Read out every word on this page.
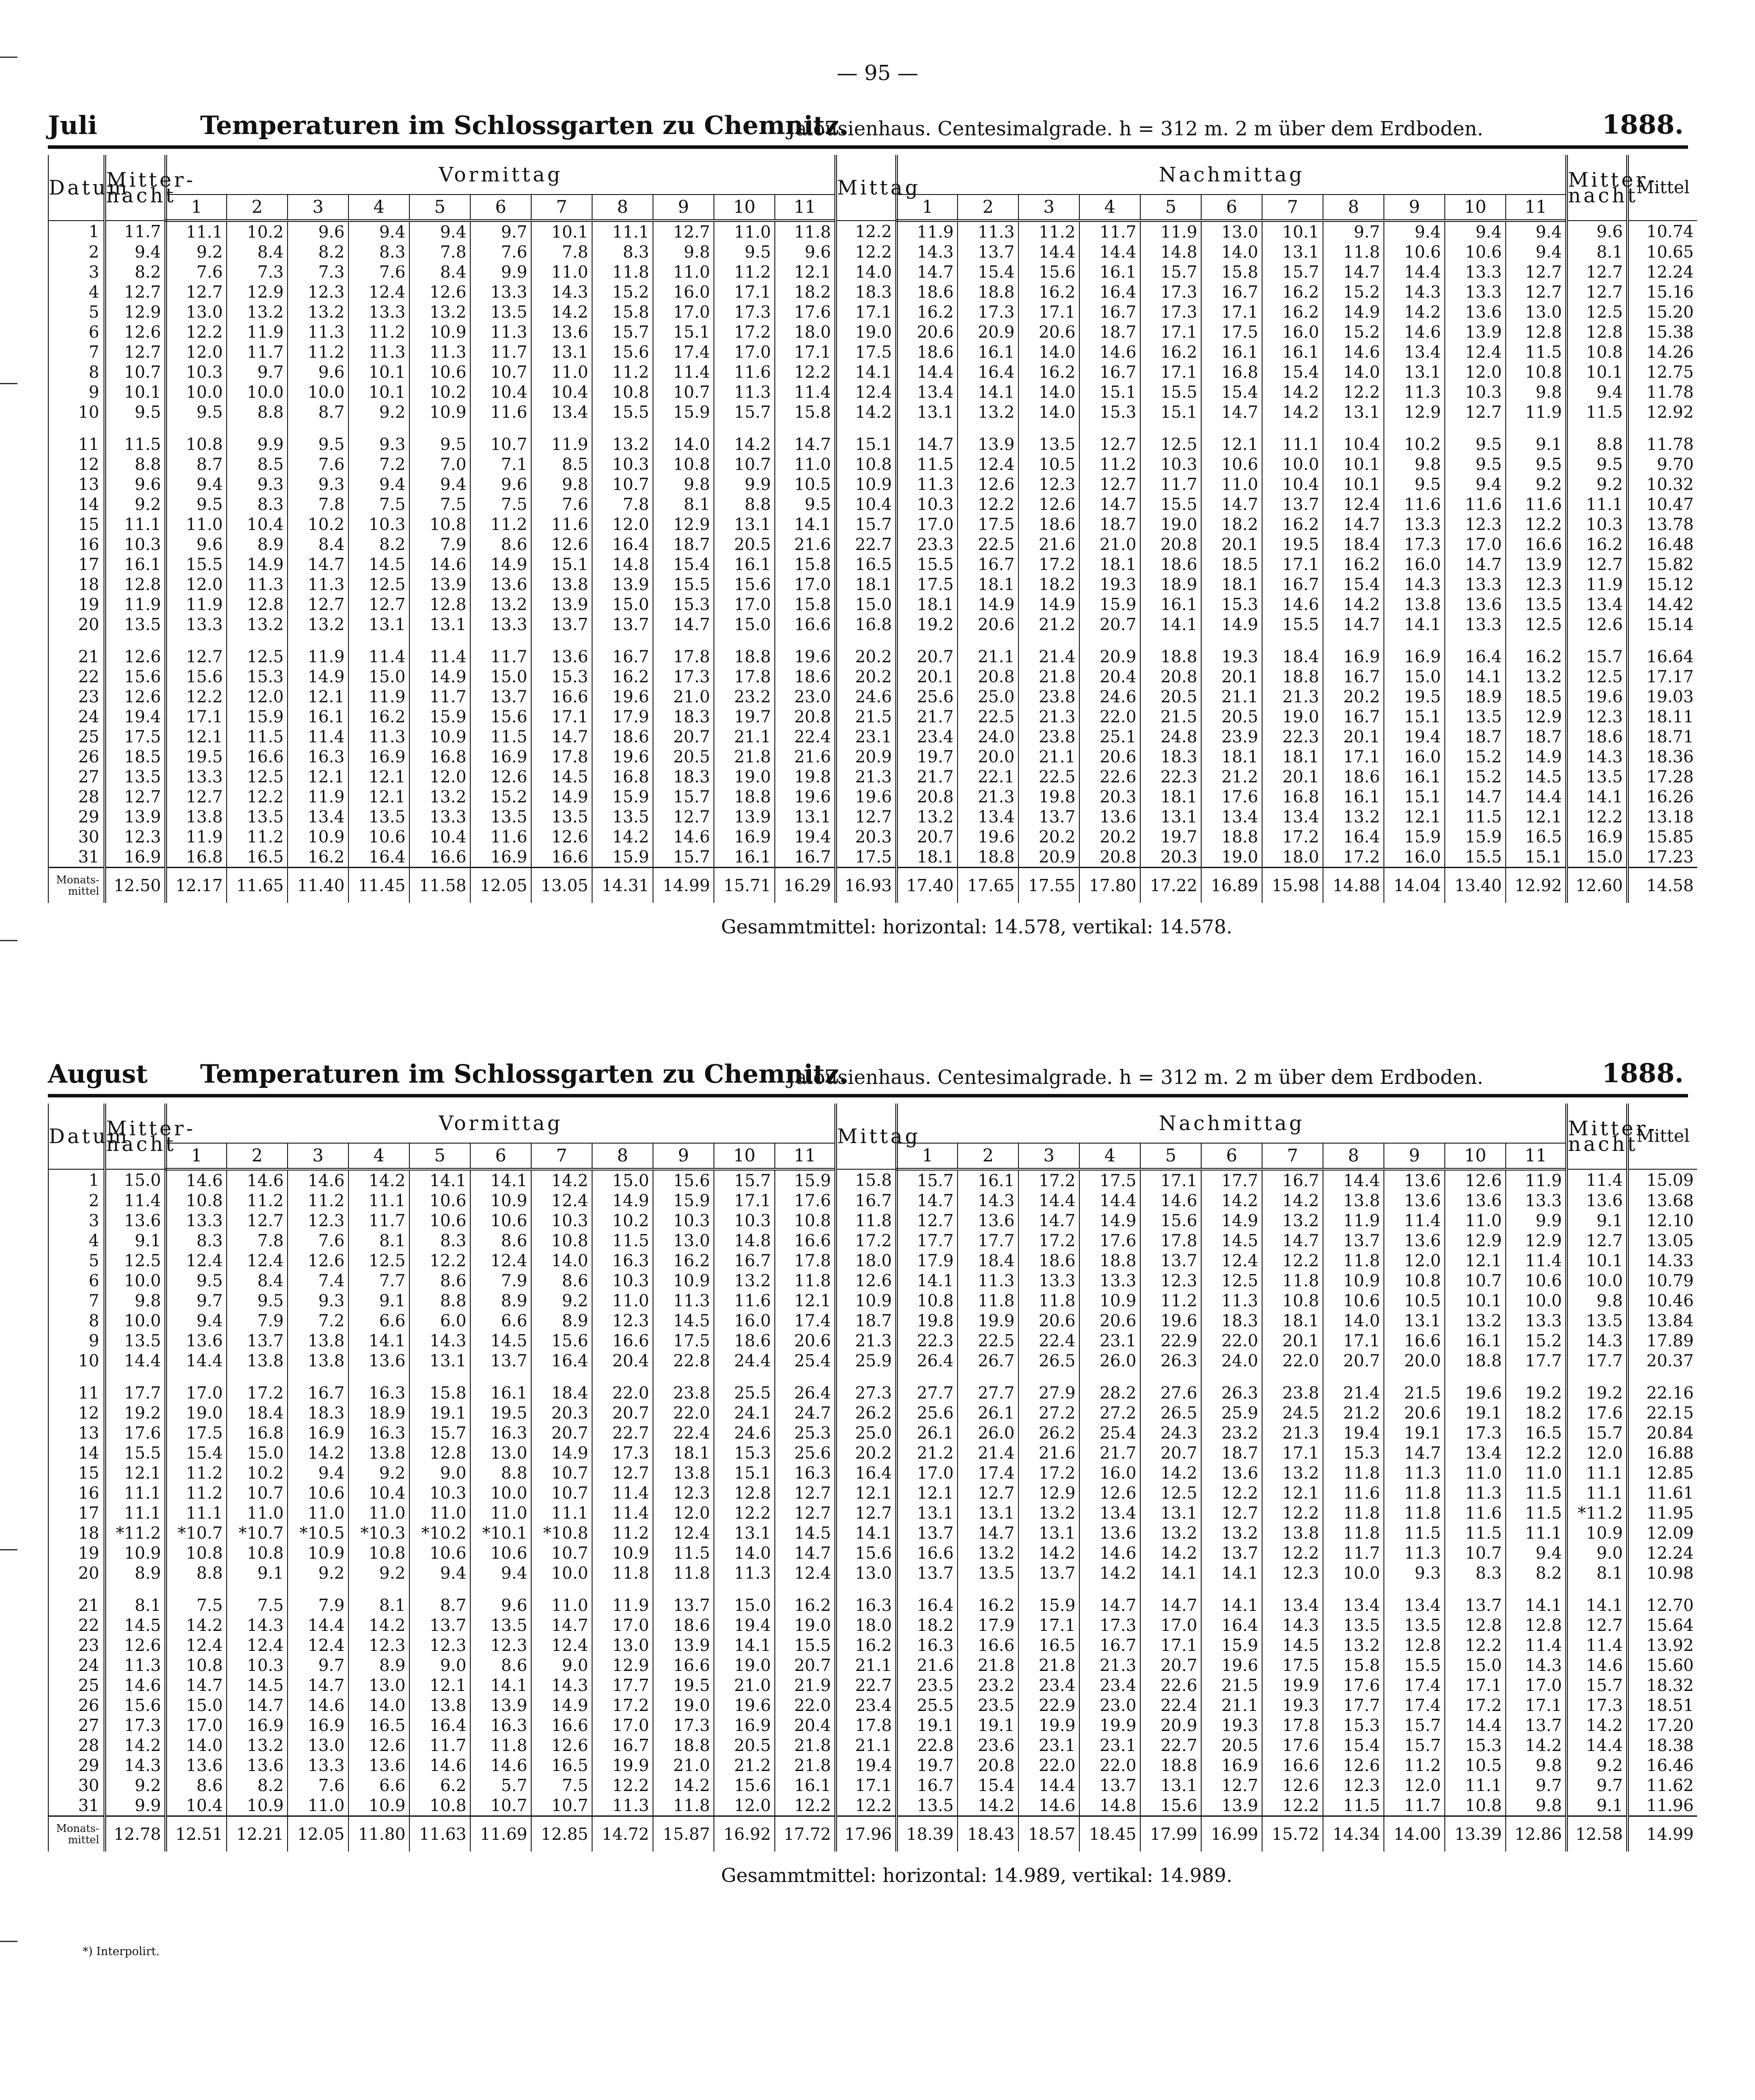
— 95 —
Juli	Temperaturen im Schlossgarten zu Chemnitz.
Jalousienhaus. Centesimalgrade. h = 312 m. 2 m über dem Erdboden.	1888.
Datum	Mitter-nacht	Vormittag											Mittag	Nachmittag											Mitter-nacht	Mittel
		1	2	3	4	5	6	7	8	9	10	11		1	2	3	4	5	6	7	8	9	10	11		
1	11.7	11.1	10.2	9.6	9.4	9.4	9.7	10.1	11.1	12.7	11.0	11.8	12.2	11.9	11.3	11.2	11.7	11.9	13.0	10.1	9.7	9.4	9.4	9.4	9.6	10.74
2	9.4	9.2	8.4	8.2	8.3	7.8	7.6	7.8	8.3	9.8	9.5	9.6	12.2	14.3	13.7	14.4	14.4	14.8	14.0	13.1	11.8	10.6	10.6	9.4	8.1	10.65
3	8.2	7.6	7.3	7.3	7.6	8.4	9.9	11.0	11.8	11.0	11.2	12.1	14.0	14.7	15.4	15.6	16.1	15.7	15.8	15.7	14.7	14.4	13.3	12.7	12.7	12.24
4	12.7	12.7	12.9	12.3	12.4	12.6	13.3	14.3	15.2	16.0	17.1	18.2	18.3	18.6	18.8	16.2	16.4	17.3	16.7	16.2	15.2	14.3	13.3	12.7	12.7	15.16
5	12.9	13.0	13.2	13.2	13.3	13.2	13.5	14.2	15.8	17.0	17.3	17.6	17.1	16.2	17.3	17.1	16.7	17.3	17.1	16.2	14.9	14.2	13.6	13.0	12.5	15.20
6	12.6	12.2	11.9	11.3	11.2	10.9	11.3	13.6	15.7	15.1	17.2	18.0	19.0	20.6	20.9	20.6	18.7	17.1	17.5	16.0	15.2	14.6	13.9	12.8	12.8	15.38
7	12.7	12.0	11.7	11.2	11.3	11.3	11.7	13.1	15.6	17.4	17.0	17.1	17.5	18.6	16.1	14.0	14.6	16.2	16.1	16.1	14.6	13.4	12.4	11.5	10.8	14.26
8	10.7	10.3	9.7	9.6	10.1	10.6	10.7	11.0	11.2	11.4	11.6	12.2	14.1	14.4	16.4	16.2	16.7	17.1	16.8	15.4	14.0	13.1	12.0	10.8	10.1	12.75
9	10.1	10.0	10.0	10.0	10.1	10.2	10.4	10.4	10.8	10.7	11.3	11.4	12.4	13.4	14.1	14.0	15.1	15.5	15.4	14.2	12.2	11.3	10.3	9.8	9.4	11.78
10	9.5	9.5	8.8	8.7	9.2	10.9	11.6	13.4	15.5	15.9	15.7	15.8	14.2	13.1	13.2	14.0	15.3	15.1	14.7	14.2	13.1	12.9	12.7	11.9	11.5	12.92

11	11.5	10.8	9.9	9.5	9.3	9.5	10.7	11.9	13.2	14.0	14.2	14.7	15.1	14.7	13.9	13.5	12.7	12.5	12.1	11.1	10.4	10.2	9.5	9.1	8.8	11.78
12	8.8	8.7	8.5	7.6	7.2	7.0	7.1	8.5	10.3	10.8	10.7	11.0	10.8	11.5	12.4	10.5	11.2	10.3	10.6	10.0	10.1	9.8	9.5	9.5	9.5	9.70
13	9.6	9.4	9.3	9.3	9.4	9.4	9.6	9.8	10.7	9.8	9.9	10.5	10.9	11.3	12.6	12.3	12.7	11.7	11.0	10.4	10.1	9.5	9.4	9.2	9.2	10.32
14	9.2	9.5	8.3	7.8	7.5	7.5	7.5	7.6	7.8	8.1	8.8	9.5	10.4	10.3	12.2	12.6	14.7	15.5	14.7	13.7	12.4	11.6	11.6	11.6	11.1	10.47
15	11.1	11.0	10.4	10.2	10.3	10.8	11.2	11.6	12.0	12.9	13.1	14.1	15.7	17.0	17.5	18.6	18.7	19.0	18.2	16.2	14.7	13.3	12.3	12.2	10.3	13.78
16	10.3	9.6	8.9	8.4	8.2	7.9	8.6	12.6	16.4	18.7	20.5	21.6	22.7	23.3	22.5	21.6	21.0	20.8	20.1	19.5	18.4	17.3	17.0	16.6	16.2	16.48
17	16.1	15.5	14.9	14.7	14.5	14.6	14.9	15.1	14.8	15.4	16.1	15.8	16.5	15.5	16.7	17.2	18.1	18.6	18.5	17.1	16.2	16.0	14.7	13.9	12.7	15.82
18	12.8	12.0	11.3	11.3	12.5	13.9	13.6	13.8	13.9	15.5	15.6	17.0	18.1	17.5	18.1	18.2	19.3	18.9	18.1	16.7	15.4	14.3	13.3	12.3	11.9	15.12
19	11.9	11.9	12.8	12.7	12.7	12.8	13.2	13.9	15.0	15.3	17.0	15.8	15.0	18.1	14.9	14.9	15.9	16.1	15.3	14.6	14.2	13.8	13.6	13.5	13.4	14.42
20	13.5	13.3	13.2	13.2	13.1	13.1	13.3	13.7	13.7	14.7	15.0	16.6	16.8	19.2	20.6	21.2	20.7	14.1	14.9	15.5	14.7	14.1	13.3	12.5	12.6	15.14

21	12.6	12.7	12.5	11.9	11.4	11.4	11.7	13.6	16.7	17.8	18.8	19.6	20.2	20.7	21.1	21.4	20.9	18.8	19.3	18.4	16.9	16.9	16.4	16.2	15.7	16.64
22	15.6	15.6	15.3	14.9	15.0	14.9	15.0	15.3	16.2	17.3	17.8	18.6	20.2	20.1	20.8	21.8	20.4	20.8	20.1	18.8	16.7	15.0	14.1	13.2	12.5	17.17
23	12.6	12.2	12.0	12.1	11.9	11.7	13.7	16.6	19.6	21.0	23.2	23.0	24.6	25.6	25.0	23.8	24.6	20.5	21.1	21.3	20.2	19.5	18.9	18.5	19.6	19.03
24	19.4	17.1	15.9	16.1	16.2	15.9	15.6	17.1	17.9	18.3	19.7	20.8	21.5	21.7	22.5	21.3	22.0	21.5	20.5	19.0	16.7	15.1	13.5	12.9	12.3	18.11
25	17.5	12.1	11.5	11.4	11.3	10.9	11.5	14.7	18.6	20.7	21.1	22.4	23.1	23.4	24.0	23.8	25.1	24.8	23.9	22.3	20.1	19.4	18.7	18.7	18.6	18.71
26	18.5	19.5	16.6	16.3	16.9	16.8	16.9	17.8	19.6	20.5	21.8	21.6	20.9	19.7	20.0	21.1	20.6	18.3	18.1	18.1	17.1	16.0	15.2	14.9	14.3	18.36
27	13.5	13.3	12.5	12.1	12.1	12.0	12.6	14.5	16.8	18.3	19.0	19.8	21.3	21.7	22.1	22.5	22.6	22.3	21.2	20.1	18.6	16.1	15.2	14.5	13.5	17.28
28	12.7	12.7	12.2	11.9	12.1	13.2	15.2	14.9	15.9	15.7	18.8	19.6	19.6	20.8	21.3	19.8	20.3	18.1	17.6	16.8	16.1	15.1	14.7	14.4	14.1	16.26
29	13.9	13.8	13.5	13.4	13.5	13.3	13.5	13.5	13.5	12.7	13.9	13.1	12.7	13.2	13.4	13.7	13.6	13.1	13.4	13.4	13.2	12.1	11.5	12.1	12.2	13.18
30	12.3	11.9	11.2	10.9	10.6	10.4	11.6	12.6	14.2	14.6	16.9	19.4	20.3	20.7	19.6	20.2	20.2	19.7	18.8	17.2	16.4	15.9	15.9	16.5	16.9	15.85
31	16.9	16.8	16.5	16.2	16.4	16.6	16.9	16.6	15.9	15.7	16.1	16.7	17.5	18.1	18.8	20.9	20.8	20.3	19.0	18.0	17.2	16.0	15.5	15.1	15.0	17.23
Monats-mittel	12.50	12.17	11.65	11.40	11.45	11.58	12.05	13.05	14.31	14.99	15.71	16.29	16.93	17.40	17.65	17.55	17.80	17.22	16.89	15.98	14.88	14.04	13.40	12.92	12.60	14.58
Gesammtmittel: horizontal: 14.578, vertikal: 14.578.
August Temperaturen im Schlossgarten zu Chemnitz.
Jalousienhaus. Centesimalgrade. h = 312 m. 2 m über dem Erdboden.	1888.
Datum	Mitter-nacht	Vormittag											Mittag	Nachmittag											Mitter-nacht	Mittel
		1	2	3	4	5	6	7	8	9	10	11		1	2	3	4	5	6	7	8	9	10	11		
1	15.0	14.6	14.6	14.6	14.2	14.1	14.1	14.2	15.0	15.6	15.7	15.9	15.8	15.7	16.1	17.2	17.5	17.1	17.7	16.7	14.4	13.6	12.6	11.9	11.4	15.09
2	11.4	10.8	11.2	11.2	11.1	10.6	10.9	12.4	14.9	15.9	17.1	17.6	16.7	14.7	14.3	14.4	14.4	14.6	14.2	14.2	13.8	13.6	13.6	13.3	13.6	13.68
3	13.6	13.3	12.7	12.3	11.7	10.6	10.6	10.3	10.2	10.3	10.3	10.8	11.8	12.7	13.6	14.7	14.9	15.6	14.9	13.2	11.9	11.4	11.0	9.9	9.1	12.10
4	9.1	8.3	7.8	7.6	8.1	8.3	8.6	10.8	11.5	13.0	14.8	16.6	17.2	17.7	17.7	17.2	17.6	17.8	14.5	14.7	13.7	13.6	12.9	12.9	12.7	13.05
5	12.5	12.4	12.4	12.6	12.5	12.2	12.4	14.0	16.3	16.2	16.7	17.8	18.0	17.9	18.4	18.6	18.8	13.7	12.4	12.2	11.8	12.0	12.1	11.4	10.1	14.33
6	10.0	9.5	8.4	7.4	7.7	8.6	7.9	8.6	10.3	10.9	13.2	11.8	12.6	14.1	11.3	13.3	13.3	12.3	12.5	11.8	10.9	10.8	10.7	10.6	10.0	10.79
7	9.8	9.7	9.5	9.3	9.1	8.8	8.9	9.2	11.0	11.3	11.6	12.1	10.9	10.8	11.8	11.8	10.9	11.2	11.3	10.8	10.6	10.5	10.1	10.0	9.8	10.46
8	10.0	9.4	7.9	7.2	6.6	6.0	6.6	8.9	12.3	14.5	16.0	17.4	18.7	19.8	19.9	20.6	20.6	19.6	18.3	18.1	14.0	13.1	13.2	13.3	13.5	13.84
9	13.5	13.6	13.7	13.8	14.1	14.3	14.5	15.6	16.6	17.5	18.6	20.6	21.3	22.3	22.5	22.4	23.1	22.9	22.0	20.1	17.1	16.6	16.1	15.2	14.3	17.89
10	14.4	14.4	13.8	13.8	13.6	13.1	13.7	16.4	20.4	22.8	24.4	25.4	25.9	26.4	26.7	26.5	26.0	26.3	24.0	22.0	20.7	20.0	18.8	17.7	17.7	20.37

11	17.7	17.0	17.2	16.7	16.3	15.8	16.1	18.4	22.0	23.8	25.5	26.4	27.3	27.7	27.7	27.9	28.2	27.6	26.3	23.8	21.4	21.5	19.6	19.2	19.2	22.16
12	19.2	19.0	18.4	18.3	18.9	19.1	19.5	20.3	20.7	22.0	24.1	24.7	26.2	25.6	26.1	27.2	27.2	26.5	25.9	24.5	21.2	20.6	19.1	18.2	17.6	22.15
13	17.6	17.5	16.8	16.9	16.3	15.7	16.3	20.7	22.7	22.4	24.6	25.3	25.0	26.1	26.0	26.2	25.4	24.3	23.2	21.3	19.4	19.1	17.3	16.5	15.7	20.84
14	15.5	15.4	15.0	14.2	13.8	12.8	13.0	14.9	17.3	18.1	15.3	25.6	20.2	21.2	21.4	21.6	21.7	20.7	18.7	17.1	15.3	14.7	13.4	12.2	12.0	16.88
15	12.1	11.2	10.2	9.4	9.2	9.0	8.8	10.7	12.7	13.8	15.1	16.3	16.4	17.0	17.4	17.2	16.0	14.2	13.6	13.2	11.8	11.3	11.0	11.0	11.1	12.85
16	11.1	11.2	10.7	10.6	10.4	10.3	10.0	10.7	11.4	12.3	12.8	12.7	12.1	12.1	12.7	12.9	12.6	12.5	12.2	12.1	11.6	11.8	11.3	11.5	11.1	11.61
17	11.1	11.1	11.0	11.0	11.0	11.0	11.0	11.1	11.4	12.0	12.2	12.7	12.7	13.1	13.1	13.2	13.4	13.1	12.7	12.2	11.8	11.8	11.6	11.5	*11.2	11.95
18	*11.2	*10.7	*10.7	*10.5	*10.3	*10.2	*10.1	*10.8	11.2	12.4	13.1	14.5	14.1	13.7	14.7	13.1	13.6	13.2	13.2	13.8	11.8	11.5	11.5	11.1	10.9	12.09
19	10.9	10.8	10.8	10.9	10.8	10.6	10.6	10.7	10.9	11.5	14.0	14.7	15.6	16.6	13.2	14.2	14.6	14.2	13.7	12.2	11.7	11.3	10.7	9.4	9.0	12.24
20	8.9	8.8	9.1	9.2	9.2	9.4	9.4	10.0	11.8	11.8	11.3	12.4	13.0	13.7	13.5	13.7	14.2	14.1	14.1	12.3	10.0	9.3	8.3	8.2	8.1	10.98

21	8.1	7.5	7.5	7.9	8.1	8.7	9.6	11.0	11.9	13.7	15.0	16.2	16.3	16.4	16.2	15.9	14.7	14.7	14.1	13.4	13.4	13.4	13.7	14.1	14.1	12.70
22	14.5	14.2	14.3	14.4	14.2	13.7	13.5	14.7	17.0	18.6	19.4	19.0	18.0	18.2	17.9	17.1	17.3	17.0	16.4	14.3	13.5	13.5	12.8	12.8	12.7	15.64
23	12.6	12.4	12.4	12.4	12.3	12.3	12.3	12.4	13.0	13.9	14.1	15.5	16.2	16.3	16.6	16.5	16.7	17.1	15.9	14.5	13.2	12.8	12.2	11.4	11.4	13.92
24	11.3	10.8	10.3	9.7	8.9	9.0	8.6	9.0	12.9	16.6	19.0	20.7	21.1	21.6	21.8	21.8	21.3	20.7	19.6	17.5	15.8	15.5	15.0	14.3	14.6	15.60
25	14.6	14.7	14.5	14.7	13.0	12.1	14.1	14.3	17.7	19.5	21.0	21.9	22.7	23.5	23.2	23.4	23.4	22.6	21.5	19.9	17.6	17.4	17.1	17.0	15.7	18.32
26	15.6	15.0	14.7	14.6	14.0	13.8	13.9	14.9	17.2	19.0	19.6	22.0	23.4	25.5	23.5	22.9	23.0	22.4	21.1	19.3	17.7	17.4	17.2	17.1	17.3	18.51
27	17.3	17.0	16.9	16.9	16.5	16.4	16.3	16.6	17.0	17.3	16.9	20.4	17.8	19.1	19.1	19.9	19.9	20.9	19.3	17.8	15.3	15.7	14.4	13.7	14.2	17.20
28	14.2	14.0	13.2	13.0	12.6	11.7	11.8	12.6	16.7	18.8	20.5	21.8	21.1	22.8	23.6	23.1	23.1	22.7	20.5	17.6	15.4	15.7	15.3	14.2	14.4	18.38
29	14.3	13.6	13.6	13.3	13.6	14.6	14.6	16.5	19.9	21.0	21.2	21.8	19.4	19.7	20.8	22.0	22.0	18.8	16.9	16.6	12.6	11.2	10.5	9.8	9.2	16.46
30	9.2	8.6	8.2	7.6	6.6	6.2	5.7	7.5	12.2	14.2	15.6	16.1	17.1	16.7	15.4	14.4	13.7	13.1	12.7	12.6	12.3	12.0	11.1	9.7	9.7	11.62
31	9.9	10.4	10.9	11.0	10.9	10.8	10.7	10.7	11.3	11.8	12.0	12.2	12.2	13.5	14.2	14.6	14.8	15.6	13.9	12.2	11.5	11.7	10.8	9.8	9.1	11.96
Monats-mittel	12.78	12.51	12.21	12.05	11.80	11.63	11.69	12.85	14.72	15.87	16.92	17.72	17.96	18.39	18.43	18.57	18.45	17.99	16.99	15.72	14.34	14.00	13.39	12.86	12.58	14.99
Gesammtmittel: horizontal: 14.989, vertikal: 14.989.
*) Interpolirt.
